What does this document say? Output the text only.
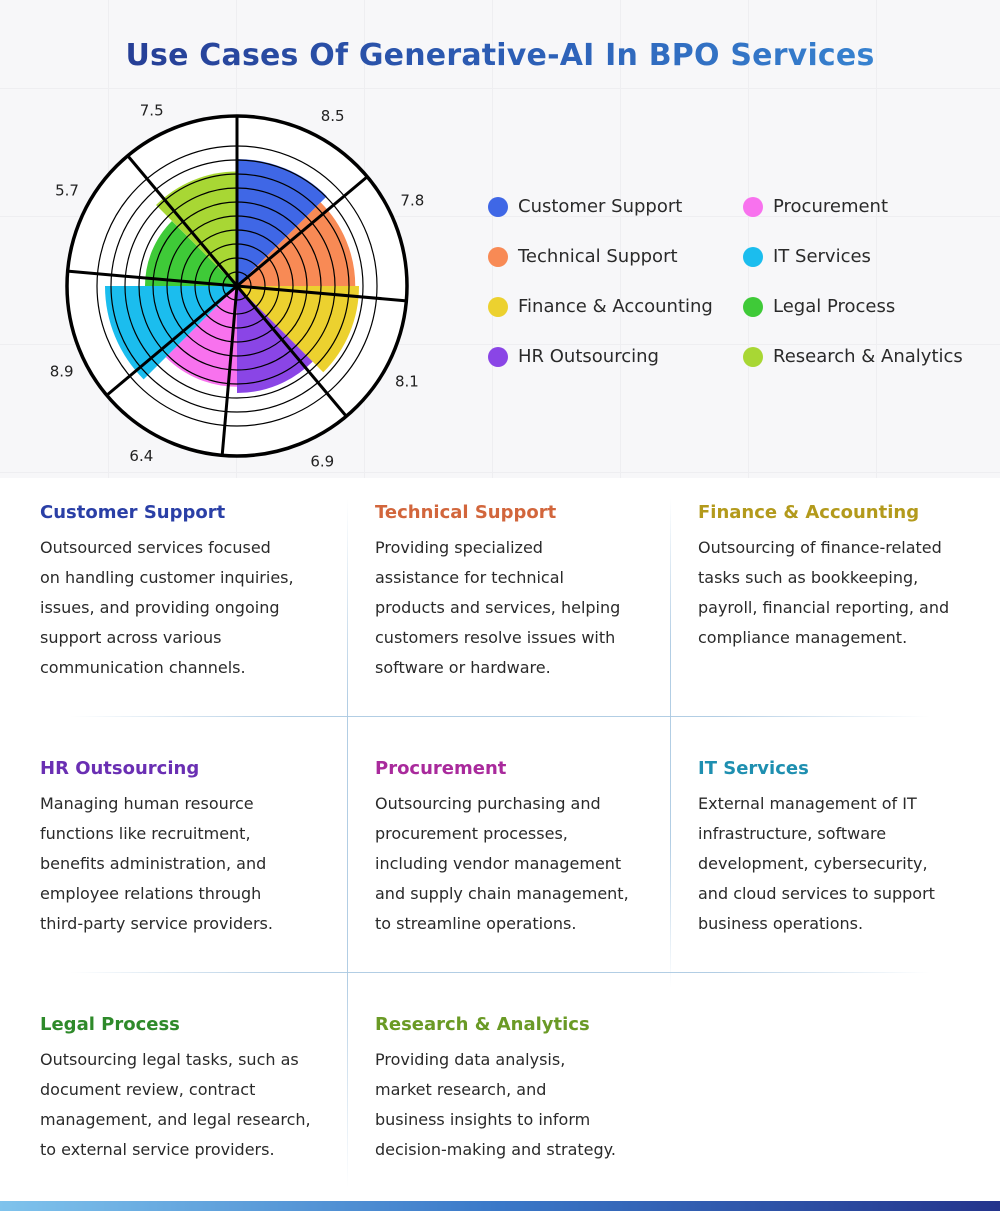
Use Cases Of Generative-AI In BPO Services
8.5
7.8
8.1
6.9
6.4
8.9
5.7
7.5
Customer Support
Technical Support
Finance & Accounting
HR Outsourcing
Procurement
IT Services
Legal Process
Research & Analytics
Customer Support

Outsourced services focused
on handling customer inquiries,
issues, and providing ongoing
support across various
communication channels.

Technical Support

Providing specialized
assistance for technical
products and services, helping
customers resolve issues with
software or hardware.

Finance & Accounting

Outsourcing of finance-related
tasks such as bookkeeping,
payroll, financial reporting, and
compliance management.

HR Outsourcing

Managing human resource
functions like recruitment,
benefits administration, and
employee relations through
third-party service providers.

Procurement

Outsourcing purchasing and
procurement processes,
including vendor management
and supply chain management,
to streamline operations.

IT Services

External management of IT
infrastructure, software
development, cybersecurity,
and cloud services to support
business operations.

Legal Process

Outsourcing legal tasks, such as
document review, contract
management, and legal research,
to external service providers.

Research & Analytics

Providing data analysis,
market research, and
business insights to inform
decision-making and strategy.
